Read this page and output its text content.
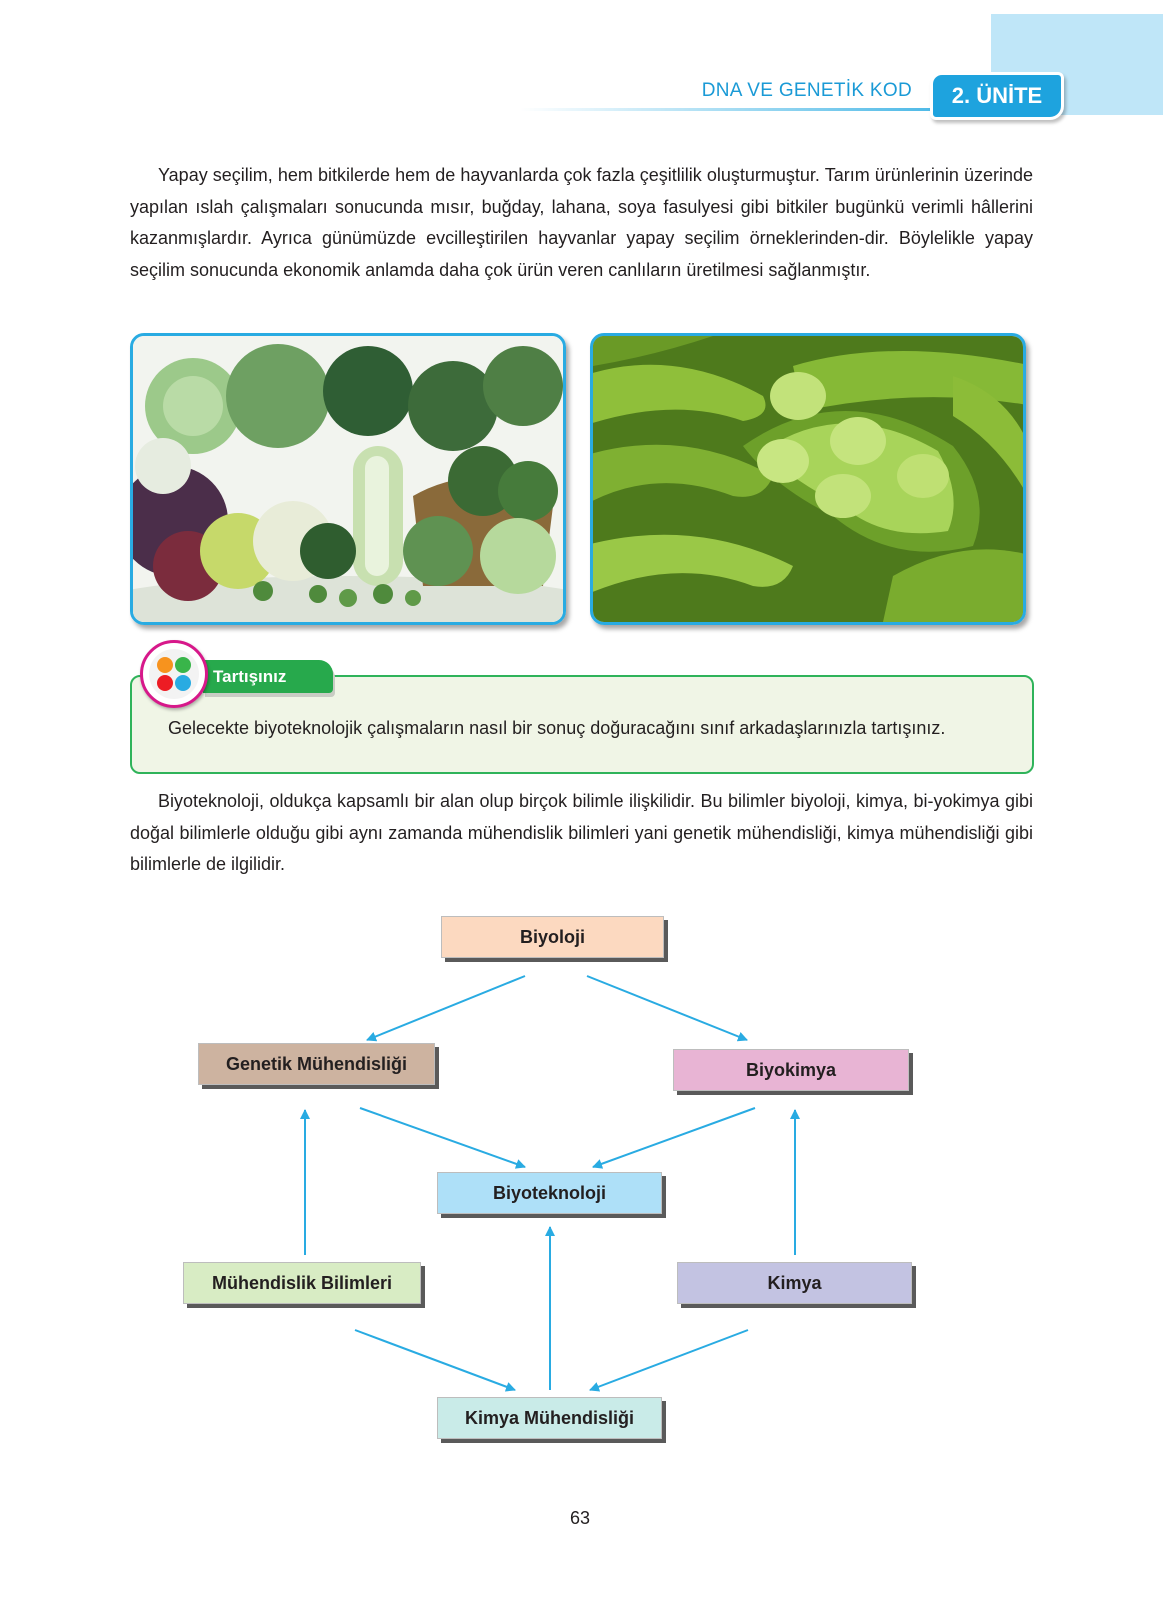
DNA VE GENETİK KOD	2. ÜNİTE

Yapay seçilim, hem bitkilerde hem de hayvanlarda çok fazla çeşitlilik oluşturmuştur. Tarım ürünlerinin üzerinde yapılan ıslah çalışmaları sonucunda mısır, buğday, lahana, soya fasulyesi gibi bitkiler bugünkü verimli hâllerini kazanmışlardır. Ayrıca günümüzde evcilleştirilen hayvanlar yapay seçilim örneklerinden-dir. Böylelikle yapay seçilim sonucunda ekonomik anlamda daha çok ürün veren canlıların üretilmesi sağlanmıştır.

Tartışınız
Gelecekte biyoteknolojik çalışmaların nasıl bir sonuç doğuracağını sınıf arkadaşlarınızla tartışınız.

Biyoteknoloji, oldukça kapsamlı bir alan olup birçok bilimle ilişkilidir. Bu bilimler biyoloji, kimya, bi-yokimya gibi doğal bilimlerle olduğu gibi aynı zamanda mühendislik bilimleri yani genetik mühendisliği, kimya mühendisliği gibi bilimlerle de ilgilidir.

Biyoloji
Genetik Mühendisliği	Biyokimya
Biyoteknoloji
Mühendislik Bilimleri	Kimya
Kimya Mühendisliği
63
